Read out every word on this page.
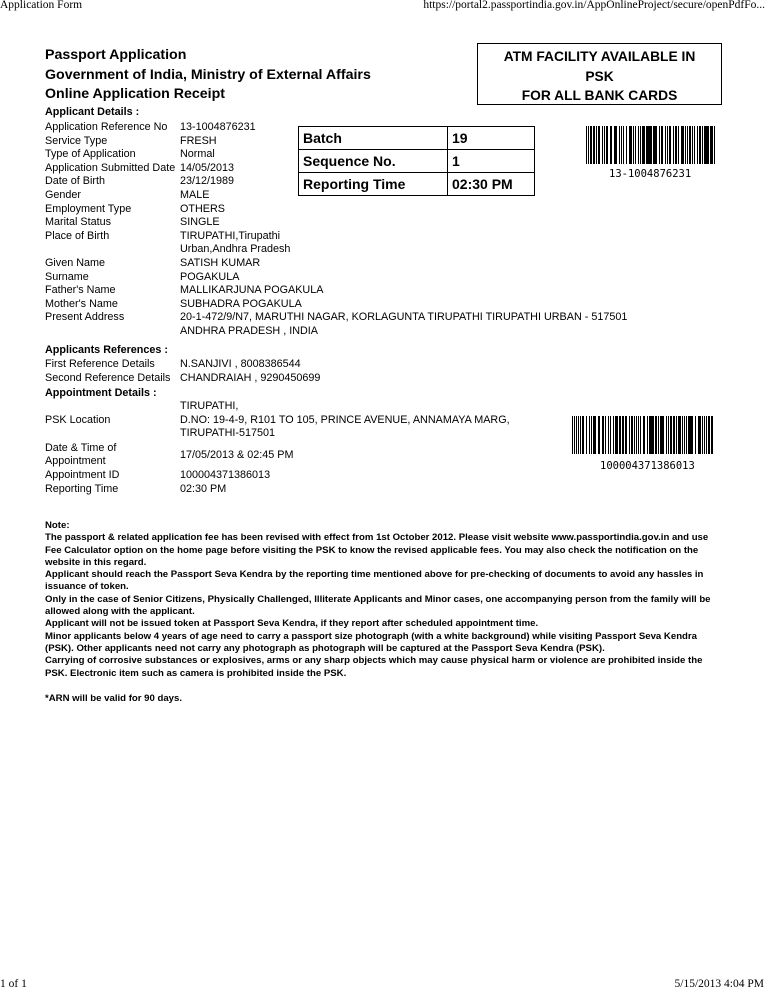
Application Form	https://portal2.passportindia.gov.in/AppOnlineProject/secure/openPdfFo...
Passport Application
Government of India, Ministry of External Affairs
Online Application Receipt
ATM FACILITY AVAILABLE IN
PSK
FOR ALL BANK CARDS
Applicant Details :
Application Reference No	13-1004876231
Service Type	FRESH
Type of Application	Normal
Application Submitted Date 14/05/2013
Date of Birth	23/12/1989
Gender	MALE
Employment Type	OTHERS
Marital Status	SINGLE
Place of Birth	TIRUPATHI,Tirupathi
Urban,Andhra Pradesh
Given Name	SATISH KUMAR
Surname	POGAKULA
Father's Name	MALLIKARJUNA POGAKULA
Mother's Name	SUBHADRA POGAKULA
Present Address	20-1-472/9/N7, MARUTHI NAGAR, KORLAGUNTA TIRUPATHI TIRUPATHI URBAN - 517501
ANDHRA PRADESH , INDIA
Batch	19
Sequence No.	1
Reporting Time	02:30 PM
13-1004876231
Applicants References :
First Reference Details	N.SANJIVI , 8008386544
Second Reference Details CHANDRAIAH , 9290450699
Appointment Details :
PSK Location
TIRUPATHI,
D.NO: 19-4-9, R101 TO 105, PRINCE AVENUE, ANNAMAYA MARG,
TIRUPATHI-517501
Date & Time of
Appointment
17/05/2013 & 02:45 PM
Appointment ID	100004371386013
Reporting Time	02:30 PM
100004371386013

Note:

The passport & related application fee has been revised with effect from 1st October 2012. Please visit website www.passportindia.gov.in and use Fee Calculator option on the home page before visiting the PSK to know the revised applicable fees. You may also check the notification on the website in this regard.

Applicant should reach the Passport Seva Kendra by the reporting time mentioned above for pre-checking of documents to avoid any hassles in issuance of token.

Only in the case of Senior Citizens, Physically Challenged, Illiterate Applicants and Minor cases, one accompanying person from the family will be allowed along with the applicant.

Applicant will not be issued token at Passport Seva Kendra, if they report after scheduled appointment time.

Minor applicants below 4 years of age need to carry a passport size photograph (with a white background) while visiting Passport Seva Kendra (PSK). Other applicants need not carry any photograph as photograph will be captured at the Passport Seva Kendra (PSK).

Carrying of corrosive substances or explosives, arms or any sharp objects which may cause physical harm or violence are prohibited inside the PSK. Electronic item such as camera is prohibited inside the PSK.

*ARN will be valid for 90 days.
1 of 1	5/15/2013 4:04 PM
